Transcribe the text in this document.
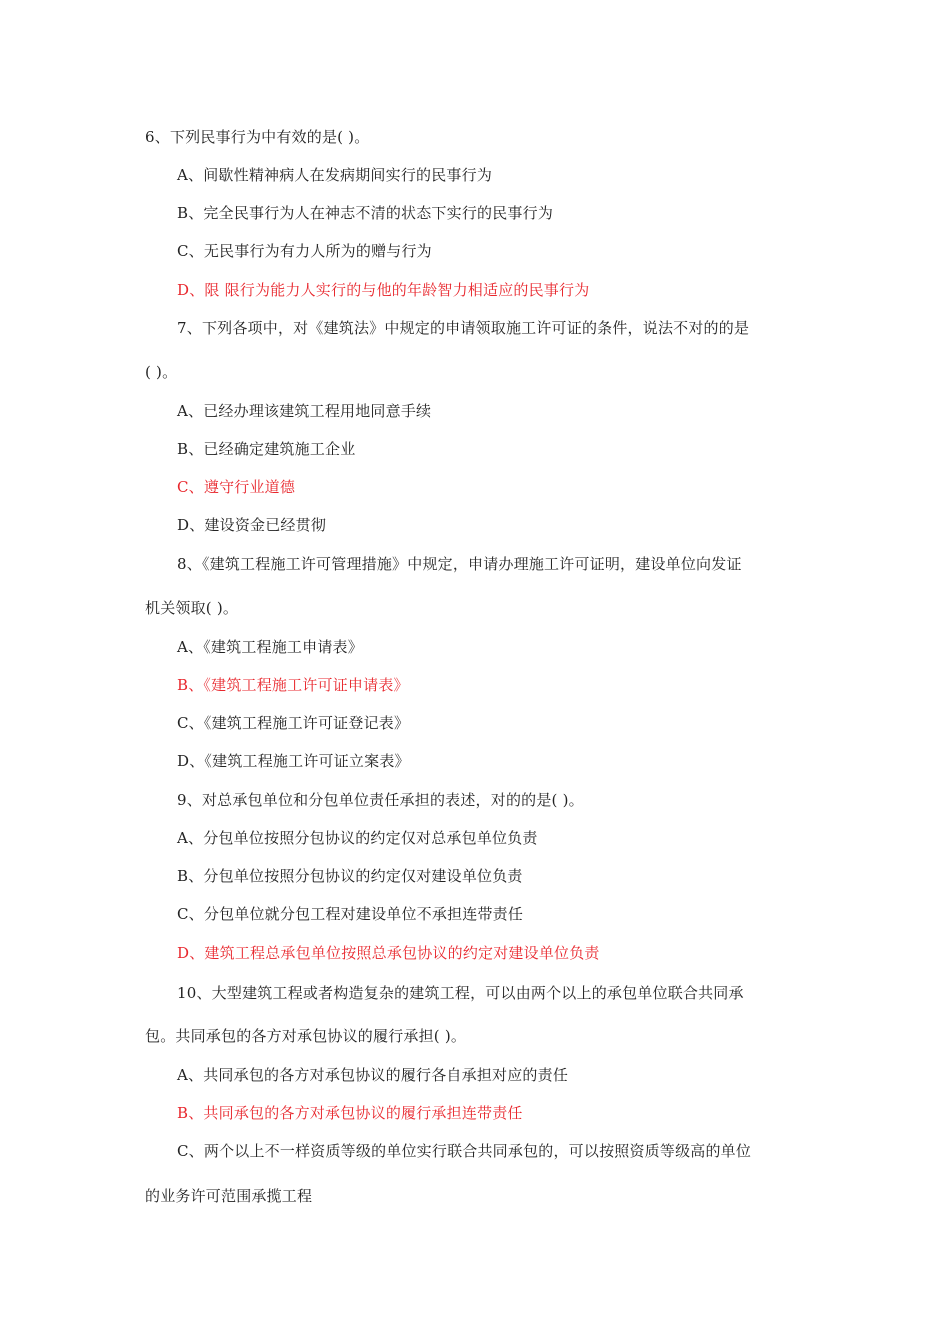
6、下列民事行为中有效的是( )。
A、间歇性精神病人在发病期间实行的民事行为
B、完全民事行为人在神志不清的状态下实行的民事行为
C、无民事行为有力人所为的赠与行为
D、限 限行为能力人实行的与他的年龄智力相适应的民事行为
7、下列各项中，对《建筑法》中规定的申请领取施工许可证的条件，说法不对的的是
( )。
A、已经办理该建筑工程用地同意手续
B、已经确定建筑施工企业
C、遵守行业道德
D、建设资金已经贯彻
8、《建筑工程施工许可管理措施》中规定，申请办理施工许可证明，建设单位向发证
机关领取( )。
A、《建筑工程施工申请表》
B、《建筑工程施工许可证申请表》
C、《建筑工程施工许可证登记表》
D、《建筑工程施工许可证立案表》
9、对总承包单位和分包单位责任承担的表述，对的的是( )。
A、分包单位按照分包协议的约定仅对总承包单位负责
B、分包单位按照分包协议的约定仅对建设单位负责
C、分包单位就分包工程对建设单位不承担连带责任
D、建筑工程总承包单位按照总承包协议的约定对建设单位负责
10、大型建筑工程或者构造复杂的建筑工程，可以由两个以上的承包单位联合共同承
包。共同承包的各方对承包协议的履行承担( )。
A、共同承包的各方对承包协议的履行各自承担对应的责任
B、共同承包的各方对承包协议的履行承担连带责任
C、两个以上不一样资质等级的单位实行联合共同承包的，可以按照资质等级高的单位
的业务许可范围承揽工程
